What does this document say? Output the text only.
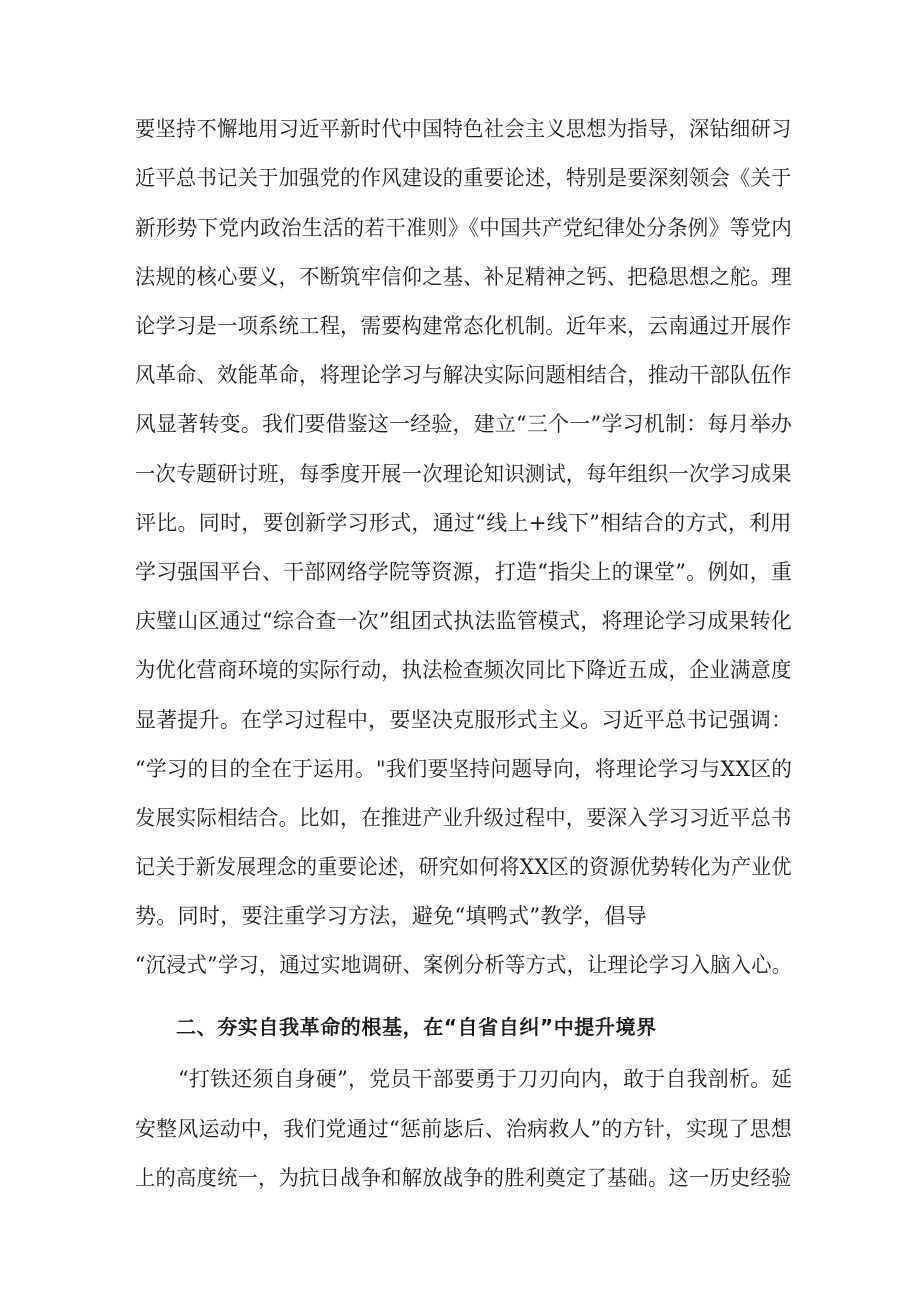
要坚持不懈地用习近平新时代中国特色社会主义思想为指导，深钻细研习
近平总书记关于加强党的作风建设的重要论述，特别是要深刻领会《关于
新形势下党内政治生活的若干准则》《中国共产党纪律处分条例》等党内
法规的核心要义，不断筑牢信仰之基、补足精神之钙、把稳思想之舵。理
论学习是一项系统工程，需要构建常态化机制。近年来，云南通过开展作
风革命、效能革命，将理论学习与解决实际问题相结合，推动干部队伍作
风显著转变。我们要借鉴这一经验，建立“三个一”学习机制：每月举办
一次专题研讨班，每季度开展一次理论知识测试，每年组织一次学习成果
评比。同时，要创新学习形式，通过“线上+线下”相结合的方式，利用
学习强国平台、干部网络学院等资源，打造“指尖上的课堂”。例如，重
庆璧山区通过“综合查一次”组团式执法监管模式，将理论学习成果转化
为优化营商环境的实际行动，执法检查频次同比下降近五成，企业满意度
显著提升。在学习过程中，要坚决克服形式主义。习近平总书记强调：
“学习的目的全在于运用。"我们要坚持问题导向，将理论学习与XX区的
发展实际相结合。比如，在推进产业升级过程中，要深入学习习近平总书
记关于新发展理念的重要论述，研究如何将XX区的资源优势转化为产业优
势。同时，要注重学习方法，避免“填鸭式”教学，倡导
“沉浸式”学习，通过实地调研、案例分析等方式，让理论学习入脑入心。
二、夯实自我革命的根基，在“自省自纠”中提升境界
“打铁还须自身硬”，党员干部要勇于刀刃向内，敢于自我剖析。延
安整风运动中，我们党通过“惩前毖后、治病救人”的方针，实现了思想
上的高度统一，为抗日战争和解放战争的胜利奠定了基础。这一历史经验
